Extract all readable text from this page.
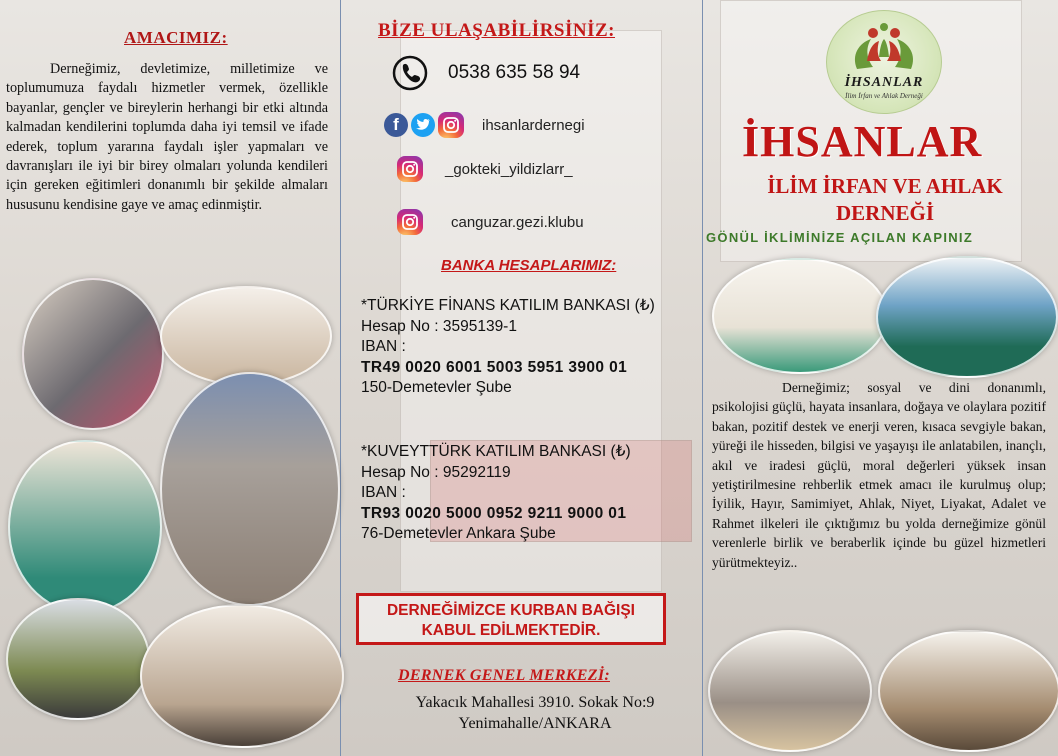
AMACIMIZ:
Derneğimiz, devletimize, milletimize ve toplumumuza faydalı hizmetler vermek, özellikle bayanlar, gençler ve bireylerin herhangi bir etki altında kalmadan kendilerini toplumda daha iyi temsil ve ifade ederek, toplum yararına faydalı işler yapmaları ve davranışları ile iyi bir birey olmaları yolunda kendileri için gereken eğitimleri donanımlı bir şekilde almaları hususunu kendisine gaye ve amaç edinmiştir.
BİZE ULAŞABİLİRSİNİZ:
0538 635 58 94
f	ihsanlardernegi
_gokteki_yildizlarr_
canguzar.gezi.klubu
BANKA HESAPLARIMIZ:
*TÜRKİYE FİNANS KATILIM BANKASI (₺)
Hesap No : 3595139-1
IBAN :
TR49 0020 6001 5003 5951 3900 01
150-Demetevler Şube
*KUVEYTTÜRK KATILIM BANKASI (₺)
Hesap No : 95292119
IBAN :
TR93 0020 5000 0952 9211 9000 01
76-Demetevler Ankara Şube
DERNEĞİMİZCE KURBAN BAĞIŞI
KABUL EDİLMEKTEDİR.
DERNEK GENEL MERKEZİ:
Yakacık Mahallesi 3910. Sokak No:9
Yenimahalle/ANKARA
İHSANLAR
İlim İrfan ve Ahlak Derneği
İHSANLAR
İLİM İRFAN VE AHLAK
DERNEĞİ
GÖNÜL İKLİMİNİZE AÇILAN KAPINIZ
Derneğimiz; sosyal ve dini donanımlı, psikolojisi güçlü, hayata insanlara, doğaya ve olaylara pozitif bakan, pozitif destek ve enerji veren, kısaca sevgiyle bakan, yüreği ile hisseden, bilgisi ve yaşayışı ile anlatabilen, inançlı, akıl ve iradesi güçlü, moral değerleri yüksek insan yetiştirilmesine rehberlik etmek amacı ile kurulmuş olup; İyilik, Hayır, Samimiyet, Ahlak, Niyet, Liyakat, Adalet ve Rahmet ilkeleri ile çıktığımız bu yolda derneğimize gönül verenlerle birlik ve beraberlik içinde bu güzel hizmetleri yürütmekteyiz..
